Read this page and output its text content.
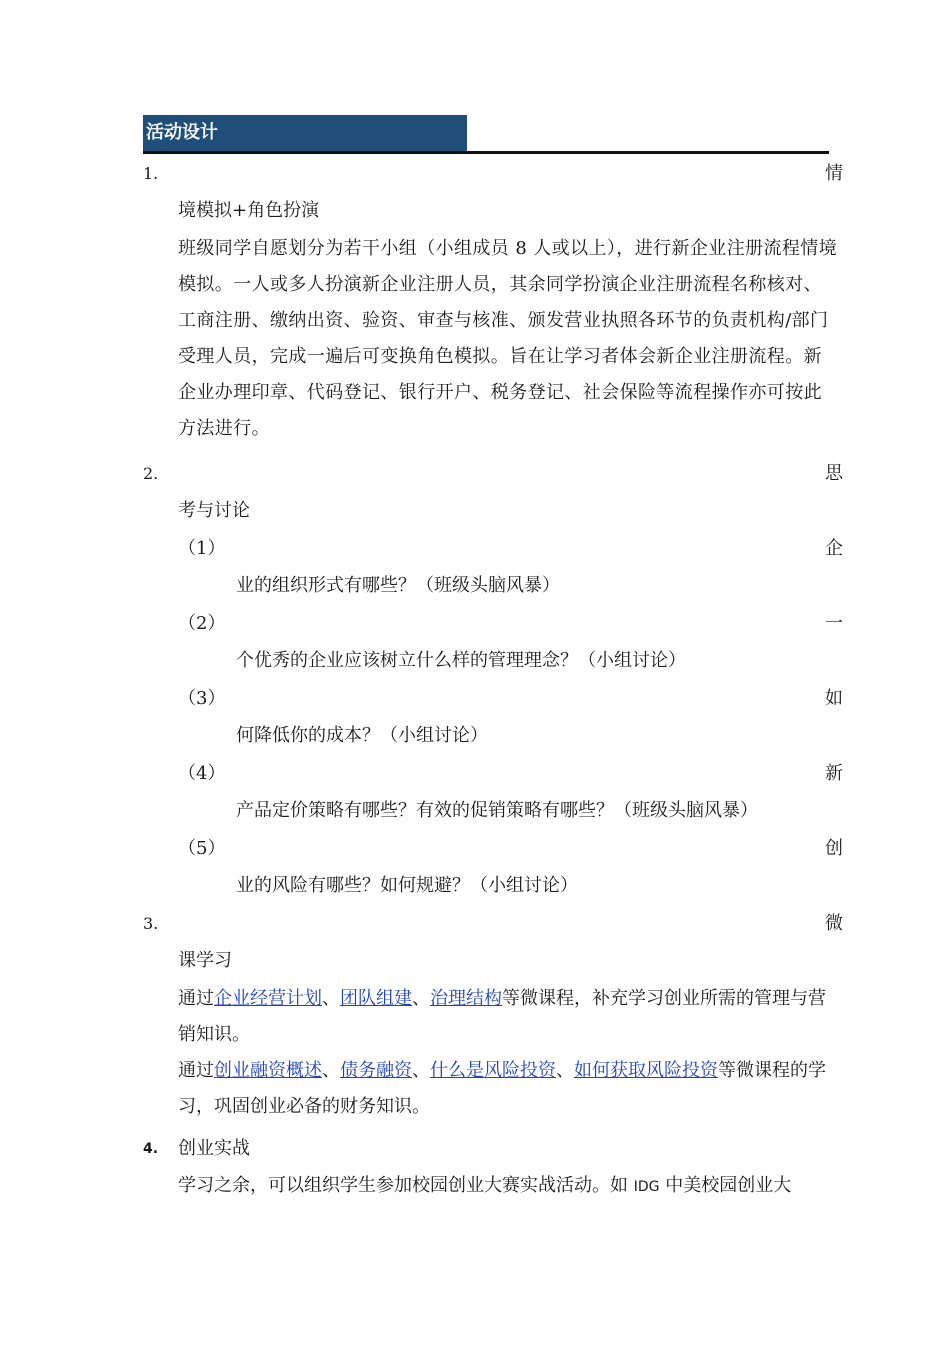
活动设计
1.	情
境模拟+角色扮演
班级同学自愿划分为若干小组（小组成员 8 人或以上），进行新企业注册流程情境模拟。一人或多人扮演新企业注册人员，其余同学扮演企业注册流程名称核对、工商注册、缴纳出资、验资、审查与核准、颁发营业执照各环节的负责机构/部门受理人员，完成一遍后可变换角色模拟。旨在让学习者体会新企业注册流程。新企业办理印章、代码登记、银行开户、税务登记、社会保险等流程操作亦可按此方法进行。
2.	思
考与讨论
（1）	企
业的组织形式有哪些？（班级头脑风暴）
（2）	一
个优秀的企业应该树立什么样的管理理念？（小组讨论）
（3）	如
何降低你的成本？（小组讨论）
（4）	新
产品定价策略有哪些？有效的促销策略有哪些？（班级头脑风暴）
（5）	创
业的风险有哪些？如何规避？（小组讨论）
3.	微
课学习
通过企业经营计划、团队组建、治理结构等微课程，补充学习创业所需的管理与营销知识。
通过创业融资概述、债务融资、什么是风险投资、如何获取风险投资等微课程的学习，巩固创业必备的财务知识。
4. 创业实战
学习之余，可以组织学生参加校园创业大赛实战活动。如 IDG 中美校园创业大
